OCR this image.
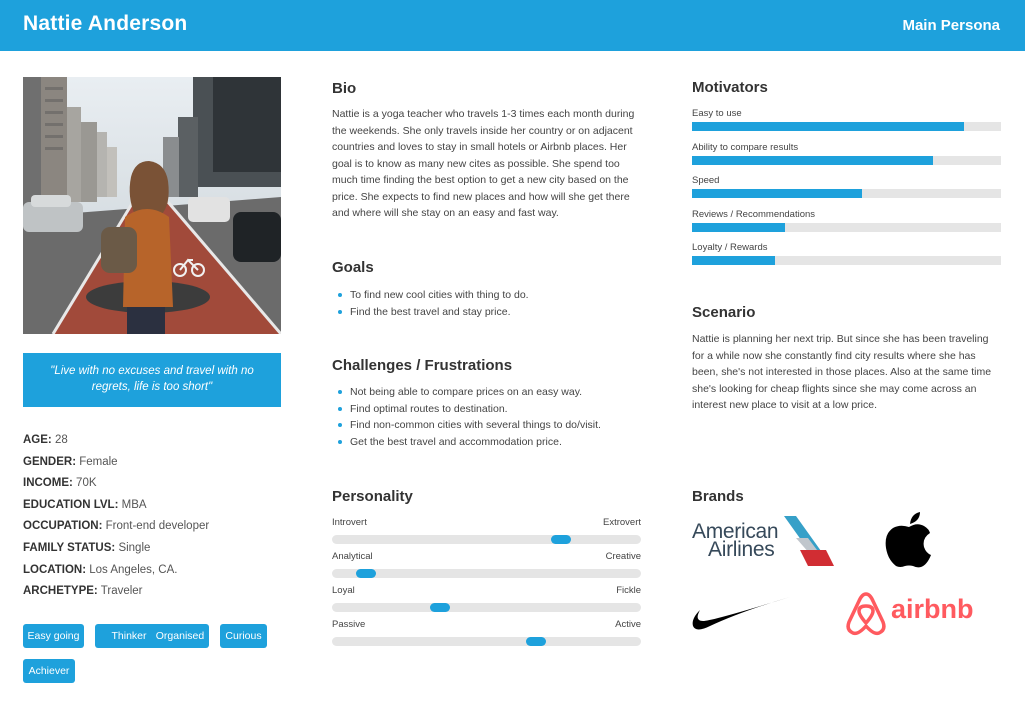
Nattie Anderson	Main Persona
"Live with no excuses and travel with no regrets, life is too short"
AGE: 28
GENDER: Female
INCOME: 70K
EDUCATION LVL: MBA
OCCUPATION: Front-end developer
FAMILY STATUS: Single
LOCATION: Los Angeles, CA.
ARCHETYPE: Traveler
Easy going	Thinker Organised	Curious
Achiever
Bio
Nattie is a yoga teacher who travels 1-3 times each month during the weekends. She only travels inside her country or on adjacent countries and loves to stay in small hotels or Airbnb places. Her goal is to know as many new cites as possible. She spend too much time finding the best option to get a new city based on the price. She expects to find new places and how will she get there and where will she stay on an easy and fast way.
Goals
To find new cool cities with thing to do.
Find the best travel and stay price.
Challenges / Frustrations
Not being able to compare prices on an easy way.
Find optimal routes to destination.
Find non-common cities with several things to do/visit.
Get the best travel and accommodation price.
Personality
Introvert	Extrovert
Analytical	Creative
Loyal	Fickle
Passive	Active
Motivators
Easy to use
Ability to compare results
Speed
Reviews / Recommendations
Loyalty / Rewards
Scenario
Nattie is planning her next trip. But since she has been traveling for a while now she constantly find city results where she has been, she's not interested in those places. Also at the same time she's looking for cheap flights since she may come across an interest new place to visit at a low price.
Brands
American
Airlines
airbnb
